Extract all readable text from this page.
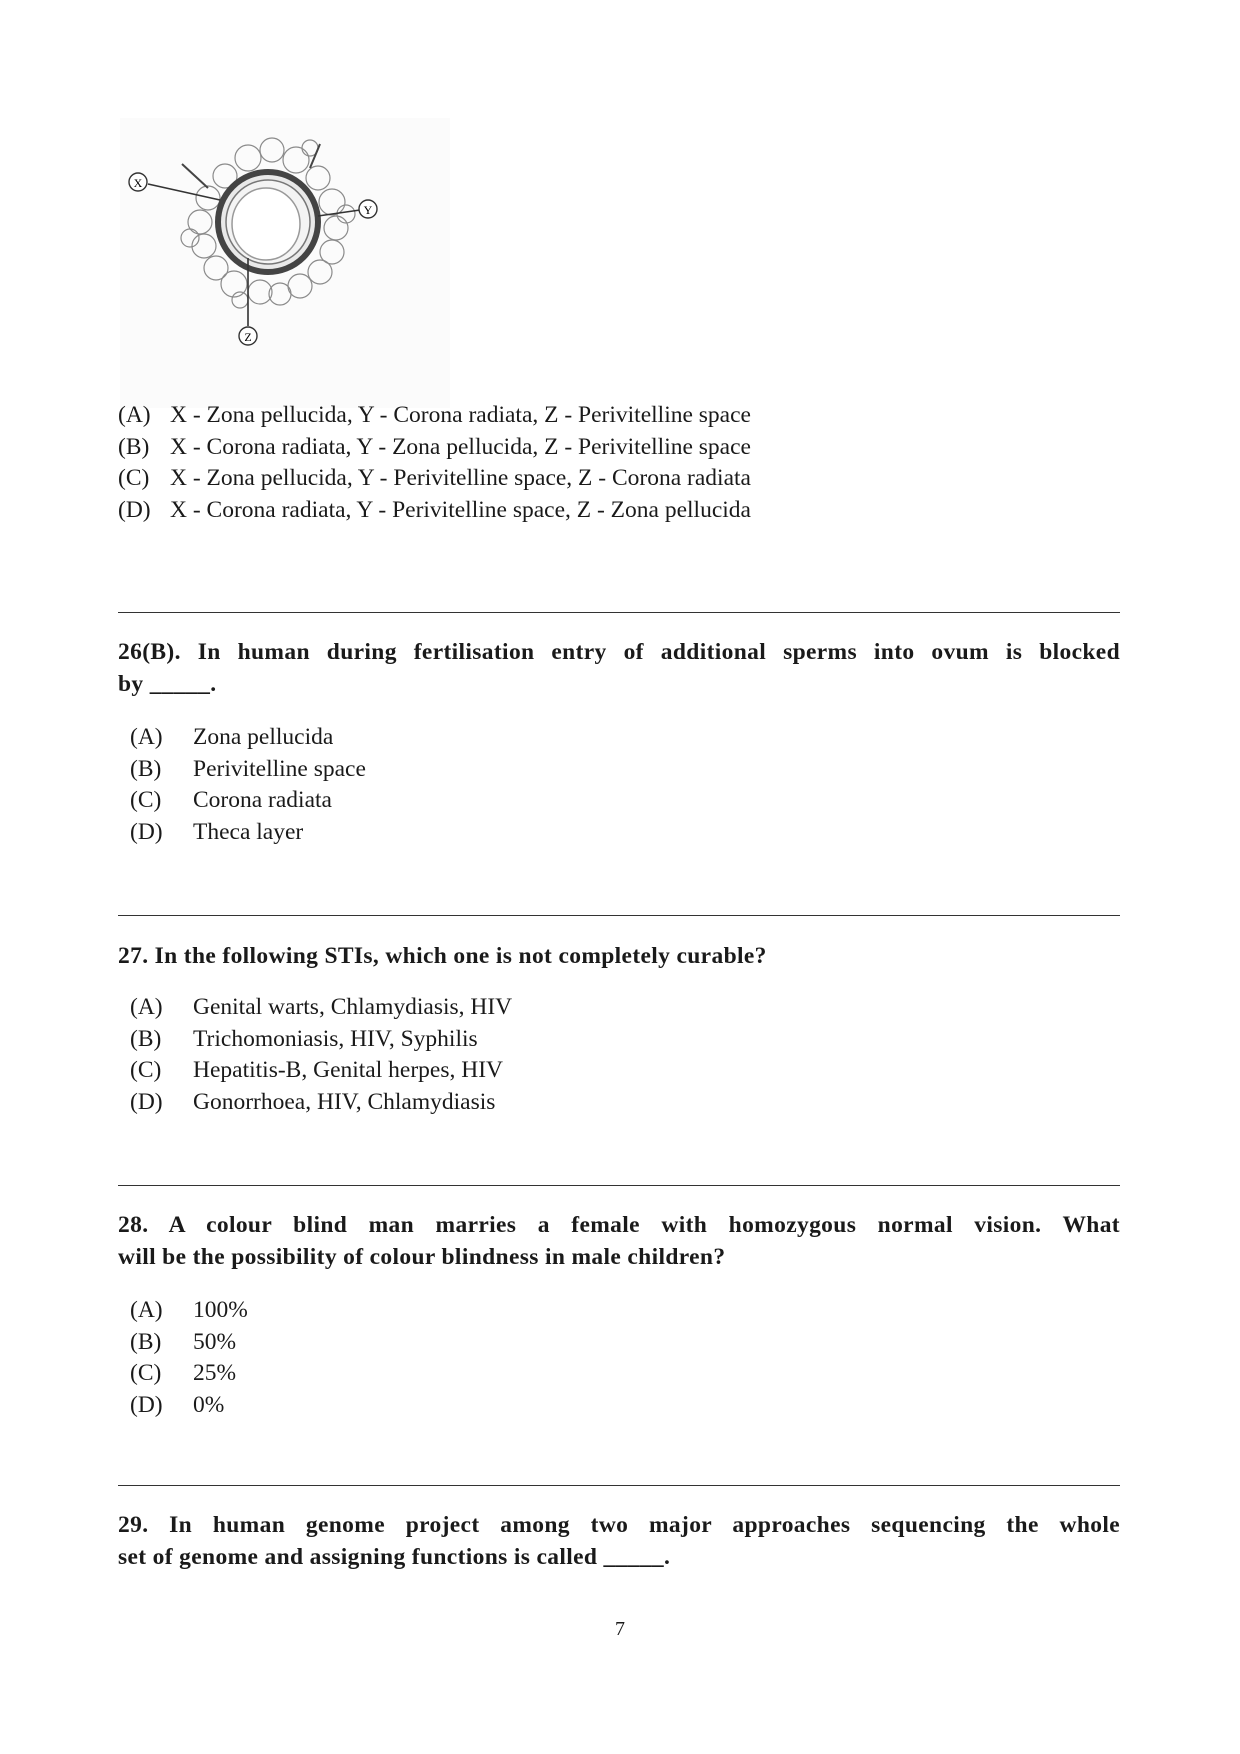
X
Y
Z
(A) X - Zona pellucida, Y - Corona radiata, Z - Perivitelline space
(B) X - Corona radiata, Y - Zona pellucida, Z - Perivitelline space
(C) X - Zona pellucida, Y - Perivitelline space, Z - Corona radiata
(D) X - Corona radiata, Y - Perivitelline space, Z - Zona pellucida
26(B). In human during fertilisation entry of additional sperms into ovum is blocked
by _____.
(A) Zona pellucida
(B) Perivitelline space
(C) Corona radiata
(D) Theca layer
27. In the following STIs, which one is not completely curable?
(A) Genital warts, Chlamydiasis, HIV
(B) Trichomoniasis, HIV, Syphilis
(C) Hepatitis-B, Genital herpes, HIV
(D) Gonorrhoea, HIV, Chlamydiasis
28. A colour blind man marries a female with homozygous normal vision. What
will be the possibility of colour blindness in male children?
(A) 100%
(B) 50%
(C) 25%
(D) 0%
29. In human genome project among two major approaches sequencing the whole
set of genome and assigning functions is called _____.
7
